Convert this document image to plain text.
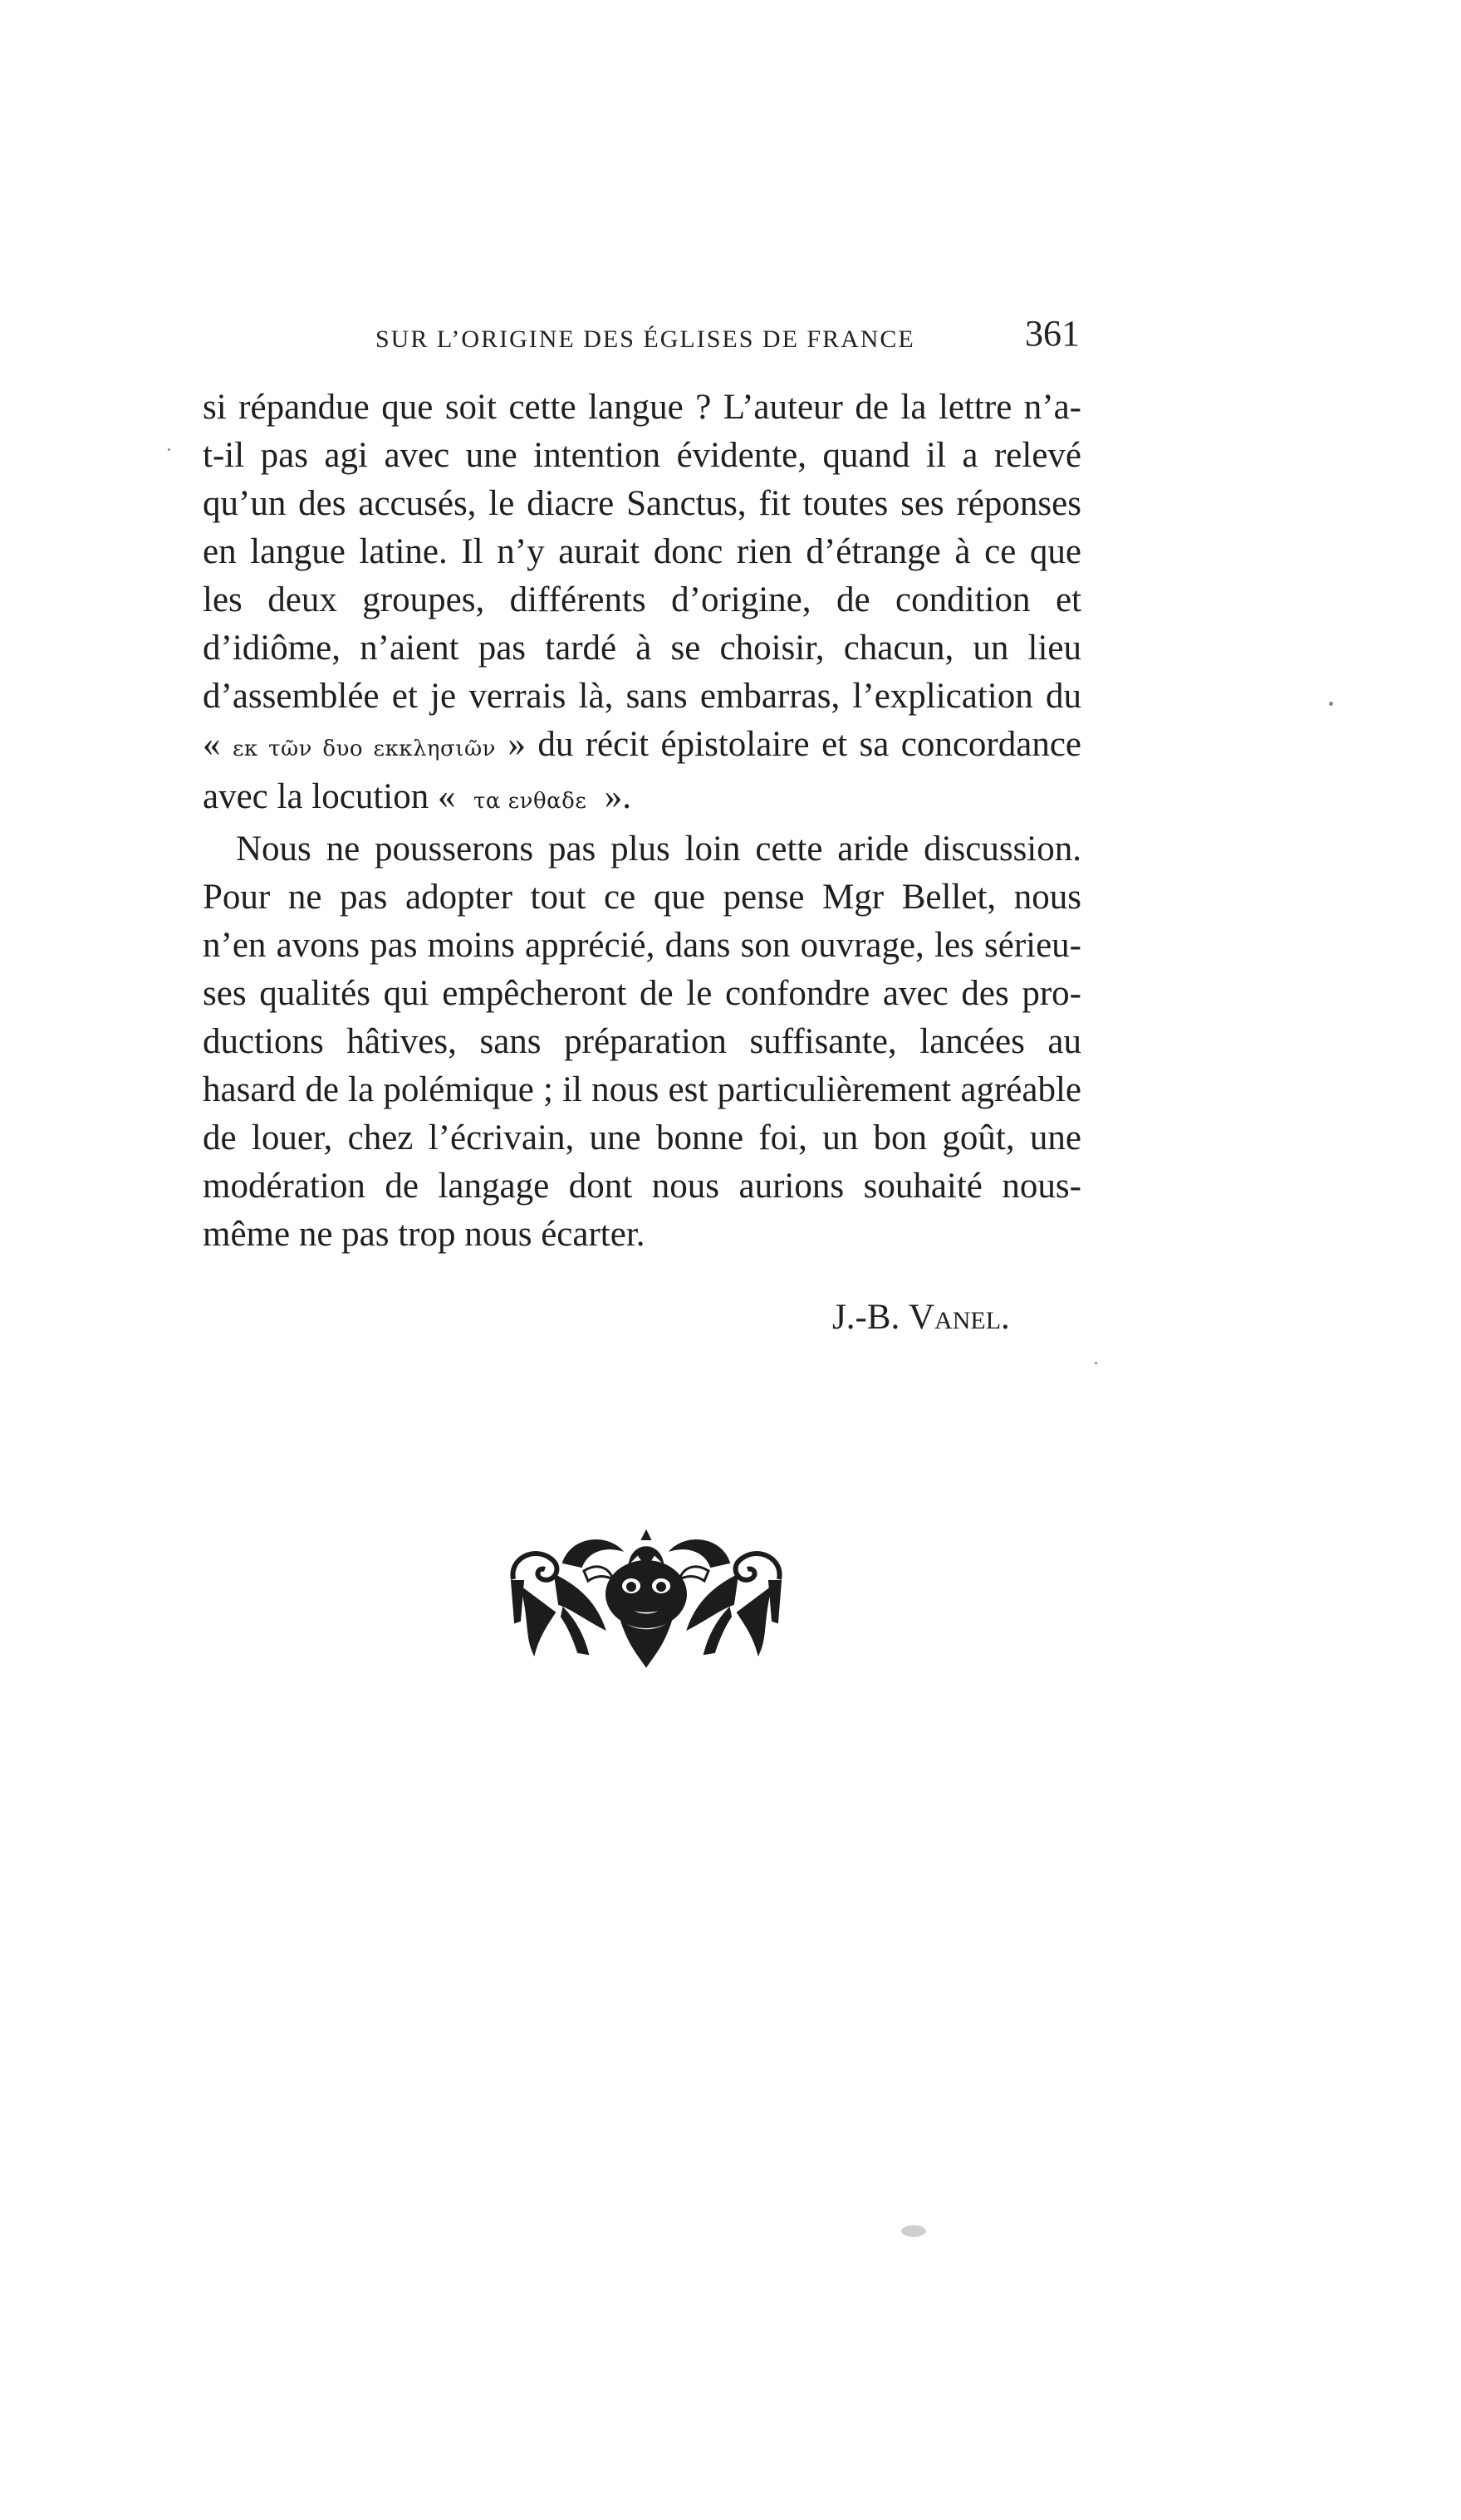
SUR L’ORIGINE DES ÉGLISES DE FRANCE	361
si répandue que soit cette langue ? L’auteur de la lettre n’a-
t-il pas agi avec une intention évidente, quand il a relevé
qu’un des accusés, le diacre Sanctus, fit toutes ses réponses
en langue latine. Il n’y aurait donc rien d’étrange à ce que
les deux groupes, différents d’origine, de condition et
d’idiôme, n’aient pas tardé à se choisir, chacun, un lieu
d’assemblée et je verrais là, sans embarras, l’explication du
« εκ τῶν δυο εκκλησιῶν » du récit épistolaire et sa concordance
avec la locution « τα ενθαδε ».
Nous ne pousserons pas plus loin cette aride discussion.
Pour ne pas adopter tout ce que pense Mgr Bellet, nous
n’en avons pas moins apprécié, dans son ouvrage, les sérieu-
ses qualités qui empêcheront de le confondre avec des pro-
ductions hâtives, sans préparation suffisante, lancées au
hasard de la polémique ; il nous est particulièrement agréable
de louer, chez l’écrivain, une bonne foi, un bon goût, une
modération de langage dont nous aurions souhaité nous-
même ne pas trop nous écarter.
J.-B. Vanel.
